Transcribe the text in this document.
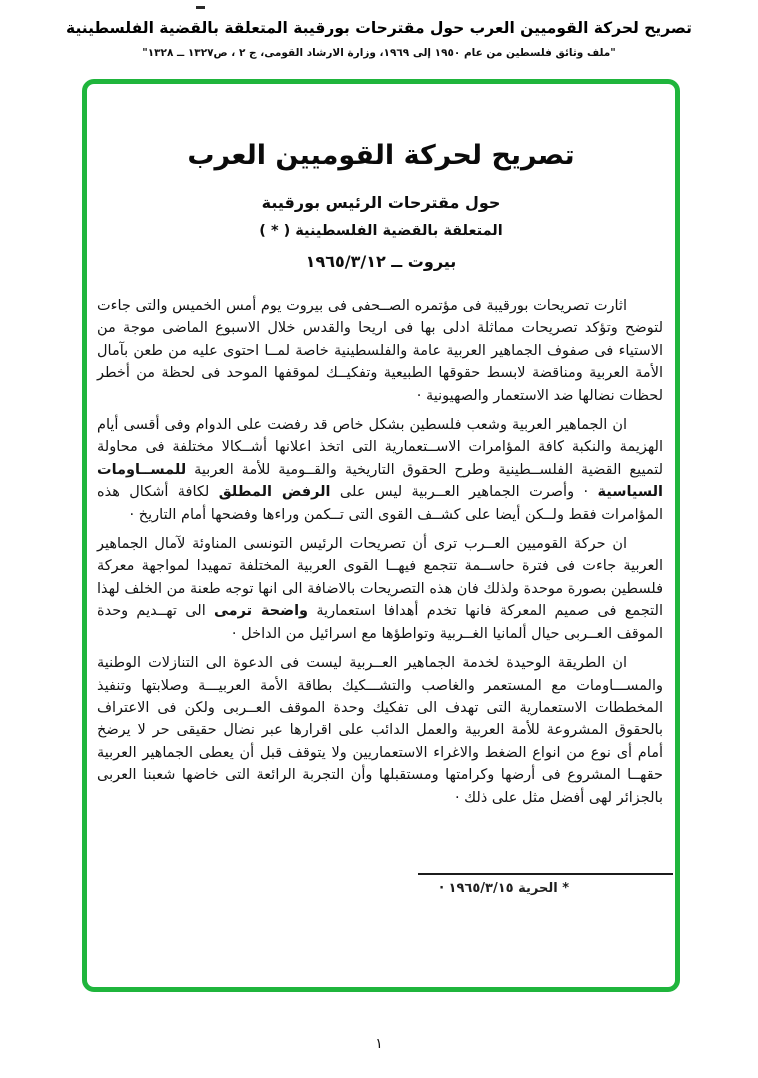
تصريح لحركة القوميين العرب حول مقترحات بورقيبة المتعلقة بالقضية الفلسطينية
"ملف وثائق فلسطين من عام ١٩٥٠ إلى ١٩٦٩، وزارة الارشاد القومى، ج ٢ ، ص١٣٢٧ ــ ١٣٢٨"
تصريح لحركة القوميين العرب
حول مقترحات الرئيس بورقيبة
المتعلقة بالقضية الفلسطينية ( * )
بيروت ــ ١٩٦٥/٣/١٢

اثارت تصريحات بورقيبة فى مؤتمره الصــحفى فى بيروت يوم أمس الخميس والتى جاءت لتوضح وتؤكد تصريحات مماثلة ادلى بها فى اريحا والقدس خلال الاسبوع الماضى موجة من الاستياء فى صفوف الجماهير العربية عامة والفلسطينية خاصة لمــا احتوى عليه من طعن بآمال الأمة العربية ومناقضة لابسط حقوقها الطبيعية وتفكيــك لموقفها الموحد فى لحظة من أخطر لحظات نضالها ضد الاستعمار والصهيونية ·

ان الجماهير العربية وشعب فلسطين بشكل خاص قد رفضت على الدوام وفى أقسى أيام الهزيمة والنكبة كافة المؤامرات الاســتعمارية التى اتخذ اعلانها أشــكالا مختلفة فى محاولة لتمييع القضية الفلســطينية وطرح الحقوق التاريخية والقــومية للأمة العربية للمســاومات السياسية · وأصرت الجماهير العــربية ليس على الرفض المطلق لكافة أشكال هذه المؤامرات فقط ولــكن أيضا على كشــف القوى التى تــكمن وراءها وفضحها أمام التاريخ ·

ان حركة القوميين العــرب ترى أن تصريحات الرئيس التونسى المناوئة لآمال الجماهير العربية جاءت فى فترة حاســمة تتجمع فيهــا القوى العربية المختلفة تمهيدا لمواجهة معركة فلسطين بصورة موحدة ولذلك فان هذه التصريحات بالاضافة الى انها توجه طعنة من الخلف لهذا التجمع فى صميم المعركة فانها تخدم أهدافا استعمارية واضحة ترمى الى تهــديم وحدة الموقف العــربى حيال ألمانيا الغــربية وتواطؤها مع اسرائيل من الداخل ·

ان الطريقة الوحيدة لخدمة الجماهير العــربية ليست فى الدعوة الى التنازلات الوطنية والمســـاومات مع المستعمر والغاصب والتشـــكيك بطاقة الأمة العربيـــة وصلابتها وتنفيذ المخططات الاستعمارية التى تهدف الى تفكيك وحدة الموقف العــربى ولكن فى الاعتراف بالحقوق المشروعة للأمة العربية والعمل الدائب على اقرارها عبر نضال حقيقى حر لا يرضخ أمام أى نوع من انواع الضغط والاغراء الاستعماريين ولا يتوقف قبل أن يعطى الجماهير العربية حقهــا المشروع فى أرضها وكرامتها ومستقبلها وأن التجربة الرائعة التى خاضها شعبنا العربى بالجزائر لهى أفضل مثل على ذلك ·

* الحرية ١٩٦٥/٣/١٥ ·
١
